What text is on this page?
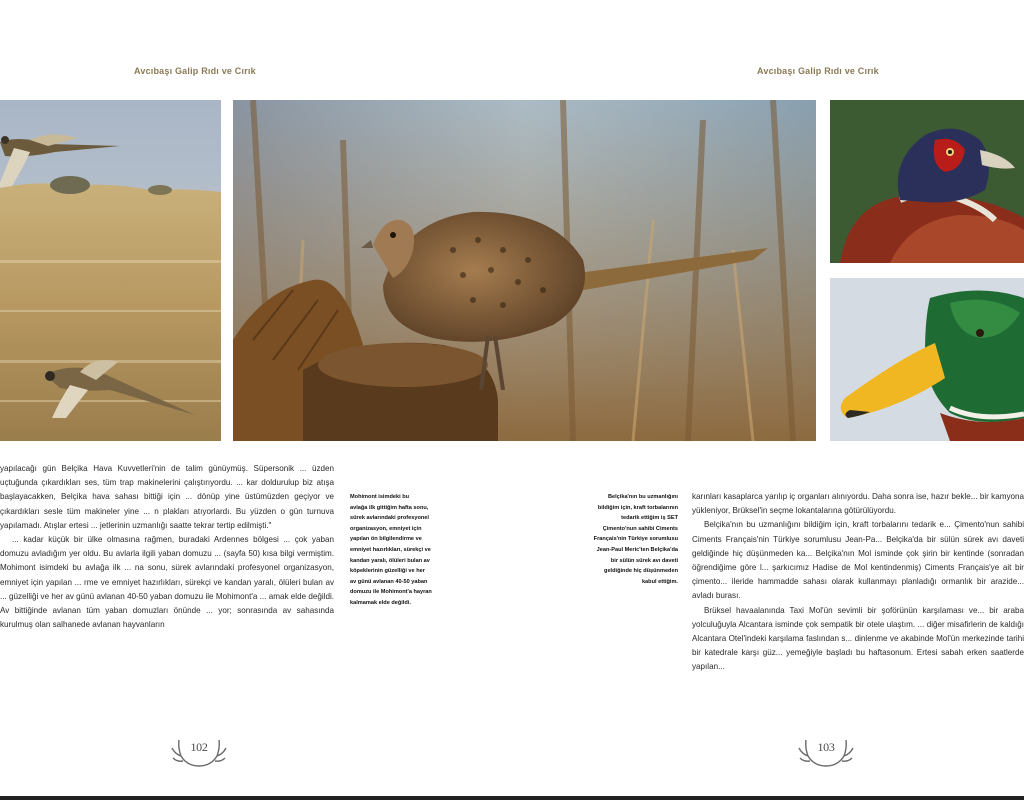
Avcıbaşı Galip Rıdı ve Cırık	Avcıbaşı Galip Rıdı ve Cırık

yapılacağı gün Belçika Hava Kuvvetleri'nin de talim günüymüş. Süpersonik ... üzden uçtuğunda çıkardıkları ses, tüm trap makinelerini çalıştırıyordu. ... kar doldurulup biz atışa başlayacakken, Belçika hava sahası bittiği için ... dönüp yine üstümüzden geçiyor ve çıkardıkları sesle tüm makineler yine ... n plakları atıyorlardı. Bu yüzden o gün turnuva yapılamadı. Atışlar ertesi ... jetlerinin uzmanlığı saatte tekrar tertip edilmişti."

... kadar küçük bir ülke olmasına rağmen, buradaki Ardennes bölgesi ... çok yaban domuzu avladığım yer oldu. Bu avlarla ilgili yaban domuzu ... (sayfa 50) kısa bilgi vermiştim. Mohimont isimdeki bu avlağa ilk ... na sonu, sürek avlarındaki profesyonel organizasyon, emniyet için yapılan ... rme ve emniyet hazırlıkları, sürekçi ve kandan yaralı, ölüleri bulan av ... güzelliği ve her av günü avlanan 40-50 yaban domuzu ile Mohimont'a ... amak elde değildi. Av bittiğinde avlanan tüm yaban domuzları önünde ... yor; sonrasında av sahasında kurulmuş olan salhanede avlanan hayvanların

Mohimont isimdeki bu

avlağa ilk gittiğim hafta sonu,

sürek avlarındaki profesyonel

organizasyon, emniyet için

yapılan ön bilgilendirme ve

emniyet hazırlıkları, sürekçi ve

kandan yaralı, ölüleri bulan av

köpeklerinin güzelliği ve her

av günü avlanan 40-50 yaban

domuzu ile Mohimont'a hayran

kalmamak elde değildi.

Belçika'nın bu uzmanlığını

bildiğim için, kraft torbalarının

tedarik ettiğim iş SET

Çimento'nun sahibi Ciments

Français'nin Türkiye sorumlusu

Jean-Paul Meric'ten Belçika'da

bir sülün sürek avı daveti

geldiğinde hiç düşünmeden

kabul ettiğim.

karınları kasaplarca yarılıp iç organları alınıyordu. Daha sonra ise, hazır bekle... bir kamyona yükleniyor, Brüksel'in seçme lokantalarına götürülüyordu.

Belçika'nın bu uzmanlığını bildiğim için, kraft torbalarını tedarik e... Çimento'nun sahibi Ciments Français'nin Türkiye sorumlusu Jean-Pa... Belçika'da bir sülün sürek avı daveti geldiğinde hiç düşünmeden ka... Belçika'nın Mol isminde çok şirin bir kentinde (sonradan öğrendiğime göre l... şarkıcımız Hadise de Mol kentindenmiş) Ciments Français'ye ait bir çimento... ileride hammadde sahası olarak kullanmayı planladığı ormanlık bir arazide... avladı burası.

Brüksel havaalanında Taxi Mol'ün sevimli bir şoförünün karşılaması ve... bir araba yolculuğuyla Alcantara isminde çok sempatik bir otele ulaştım. ... diğer misafirlerin de kaldığı Alcantara Otel'indeki karşılama faslından s... dinlenme ve akabinde Mol'ün merkezinde tarihi bir katedrale karşı güz... yemeğiyle başladı bu haftasonum. Ertesi sabah erken saatlerde yapılan...

102	103
